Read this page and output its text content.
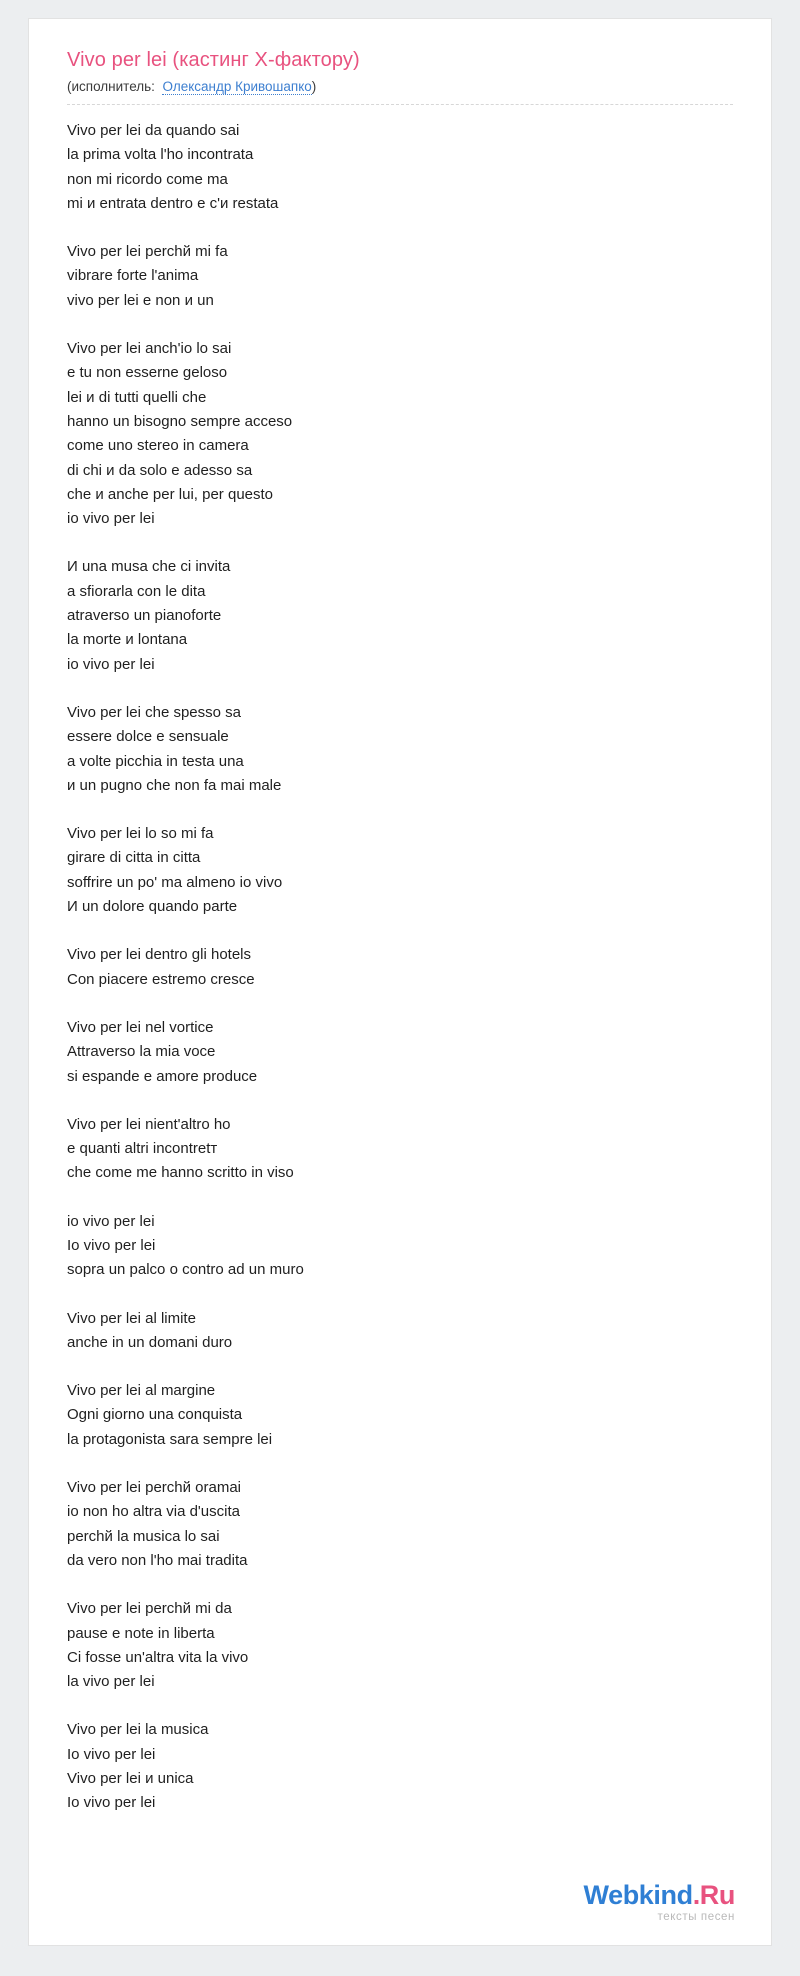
Vivo per lei (кастинг Х-фактору)
(исполнитель: Олександр Кривошапко)

Vivo per lei da quando sai
la prima volta l'ho incontrata
non mi ricordo come ma
mi и entrata dentro e c'и restata

Vivo per lei perchй mi fa
vibrare forte l'anima
vivo per lei e non и un

Vivo per lei anch'io lo sai
e tu non esserne geloso
lei и di tutti quelli che
hanno un bisogno sempre acceso
come uno stereo in camera
di chi и da solo e adesso sa
che и anche per lui, per questo
io vivo per lei

И una musa che ci invita
a sfiorarla con le dita
atraverso un pianoforte
la morte и lontana
io vivo per lei

Vivo per lei che spesso sa
essere dolce e sensuale
a volte picchia in testa una
и un pugno che non fa mai male

Vivo per lei lo so mi fa
girare di citta in citta
soffrire un po' ma almeno io vivo
И un dolore quando parte

Vivo per lei dentro gli hotels
Con piacere estremo cresce

Vivo per lei nel vortice
Attraverso la mia voce
si espande e amore produce

Vivo per lei nient'altro ho
e quanti altri incontretт
che come me hanno scritto in viso

io vivo per lei
Io vivo per lei
sopra un palco o contro ad un muro

Vivo per lei al limite
anche in un domani duro

Vivo per lei al margine
Ogni giorno una conquista
la protagonista sara sempre lei

Vivo per lei perchй oramai
io non ho altra via d'uscita
perchй la musica lo sai
da vero non l'ho mai tradita

Vivo per lei perchй mi da
pause e note in liberta
Ci fosse un'altra vita la vivo
la vivo per lei

Vivo per lei la musica
Io vivo per lei
Vivo per lei и unica
Io vivo per lei

Webkind.Ru
тексты песен
